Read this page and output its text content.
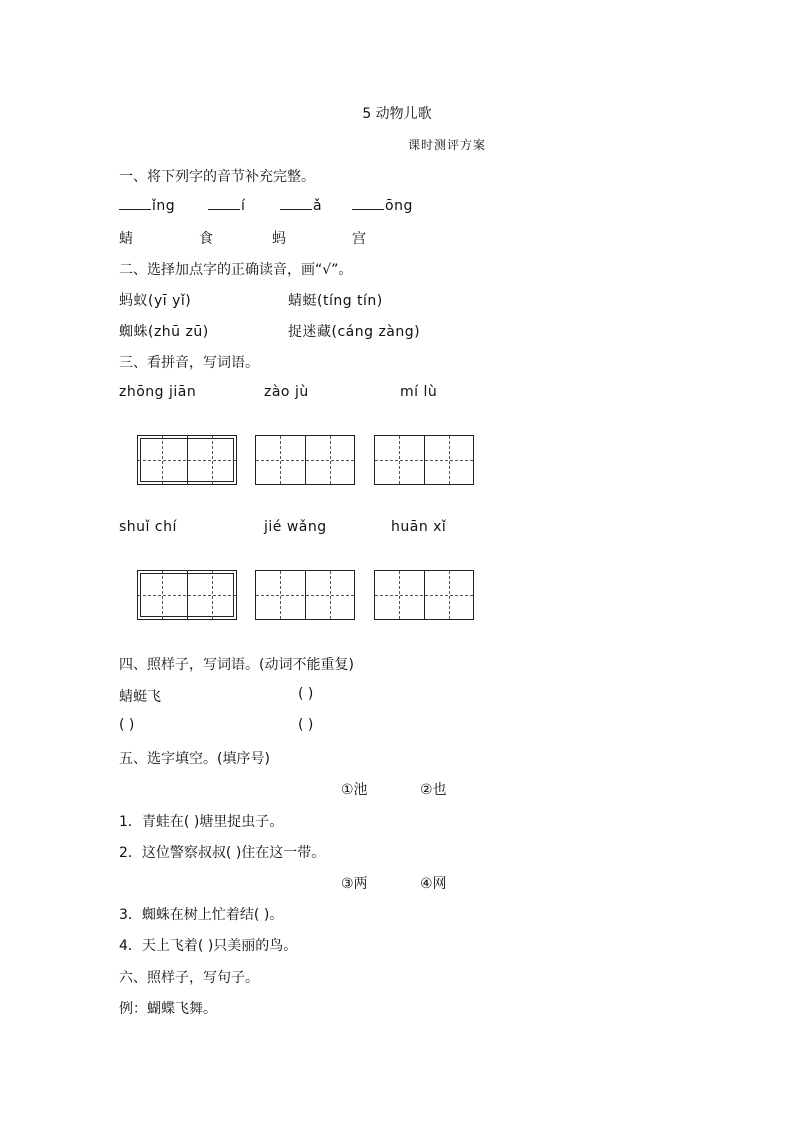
5 动物儿歌
课时测评方案
一、将下列字的音节补充完整。
ǐng	í	ǎ	ōng
蜻	食	蚂	宫
二、选择加点字的正确读音，画“√”。
蚂蚁(yī yǐ)	蜻蜓(tíng tín)
蜘蛛(zhū zū)	捉迷藏(cáng zàng)
三、看拼音，写词语。
zhōng jiān	zào jù	mí lù
shuǐ chí	jié wǎng	huān xǐ
四、照样子，写词语。(动词不能重复)
蜻蜓飞	( )
( )	( )
五、选字填空。(填序号)
①池	②也
1．青蛙在( )塘里捉虫子。
2．这位警察叔叔( )住在这一带。
③两	④网
3．蜘蛛在树上忙着结( )。
4．天上飞着( )只美丽的鸟。
六、照样子，写句子。
例：蝴蝶飞舞。
